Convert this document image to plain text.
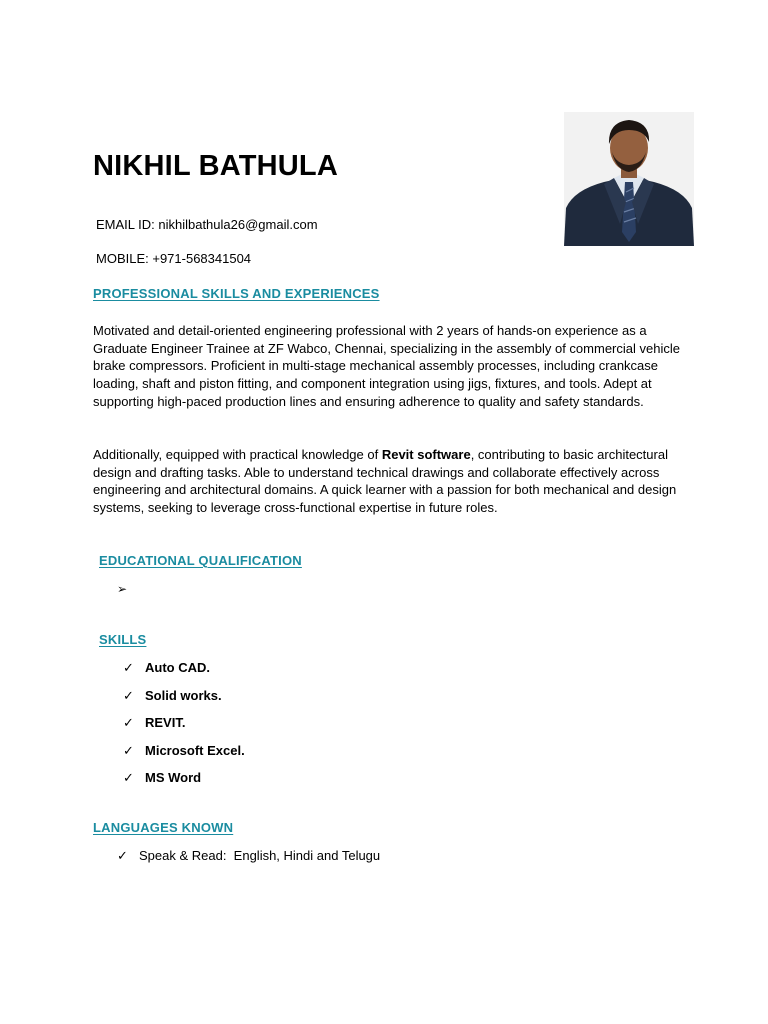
NIKHIL BATHULA
EMAIL ID: nikhilbathula26@gmail.com
MOBILE: +971-568341504
PROFESSIONAL SKILLS AND EXPERIENCES
Motivated and detail-oriented engineering professional with 2 years of hands-on experience as a Graduate Engineer Trainee at ZF Wabco, Chennai, specializing in the assembly of commercial vehicle brake compressors. Proficient in multi-stage mechanical assembly processes, including crankcase loading, shaft and piston fitting, and component integration using jigs, fixtures, and tools. Adept at supporting high-paced production lines and ensuring adherence to quality and safety standards.
Additionally, equipped with practical knowledge of Revit software, contributing to basic architectural design and drafting tasks. Able to understand technical drawings and collaborate effectively across engineering and architectural domains. A quick learner with a passion for both mechanical and design systems, seeking to leverage cross-functional expertise in future roles.
EDUCATIONAL QUALIFICATION
➢
SKILLS
✓ Auto CAD.
✓ Solid works.
✓ REVIT.
✓ Microsoft Excel.
✓ MS Word
LANGUAGES KNOWN
✓ Speak & Read:  English, Hindi and Telugu
